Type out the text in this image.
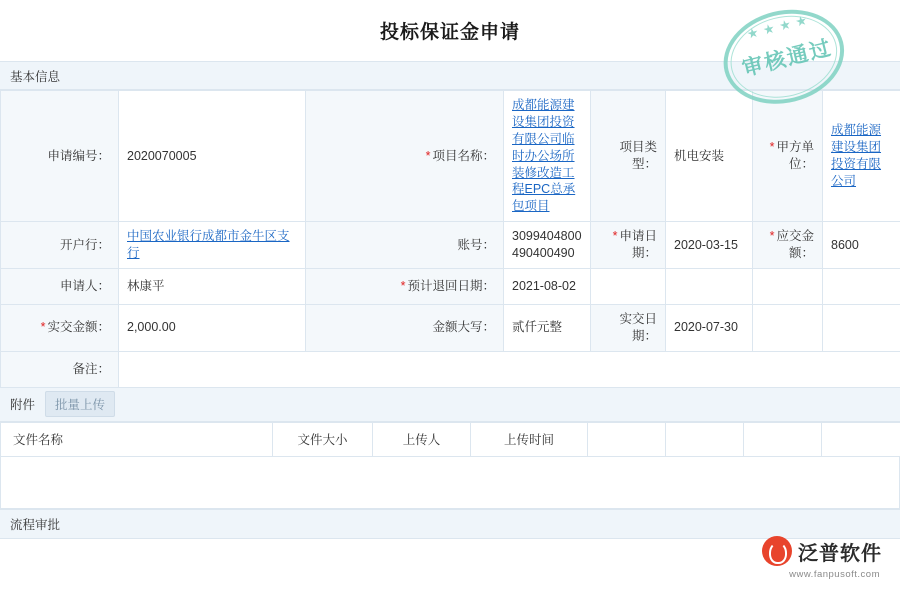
投标保证金申请	★★★★
审核通过
基本信息
申请编号：	2020070005	* 项目名称：	成都能源建设集团投资有限公司临时办公场所装修改造工程EPC总承包项目	项目类型：	机电安装	* 甲方单位：	成都能源建设集团投资有限公司
开户行：	中国农业银行成都市金牛区支行	账号：	3099404800490400490	* 申请日期：	2020-03-15	* 应交金额：	8600
申请人：	林康平	* 预计退回日期：	2021-08-02				
* 实交金额：	2,000.00	金额大写：	贰仟元整	实交日期：	2020-07-30		
备注：							
附件	批量上传
文件名称	文件大小	上传人	上传时间				
泛普软件
www.fanpusoft.com
流程审批
